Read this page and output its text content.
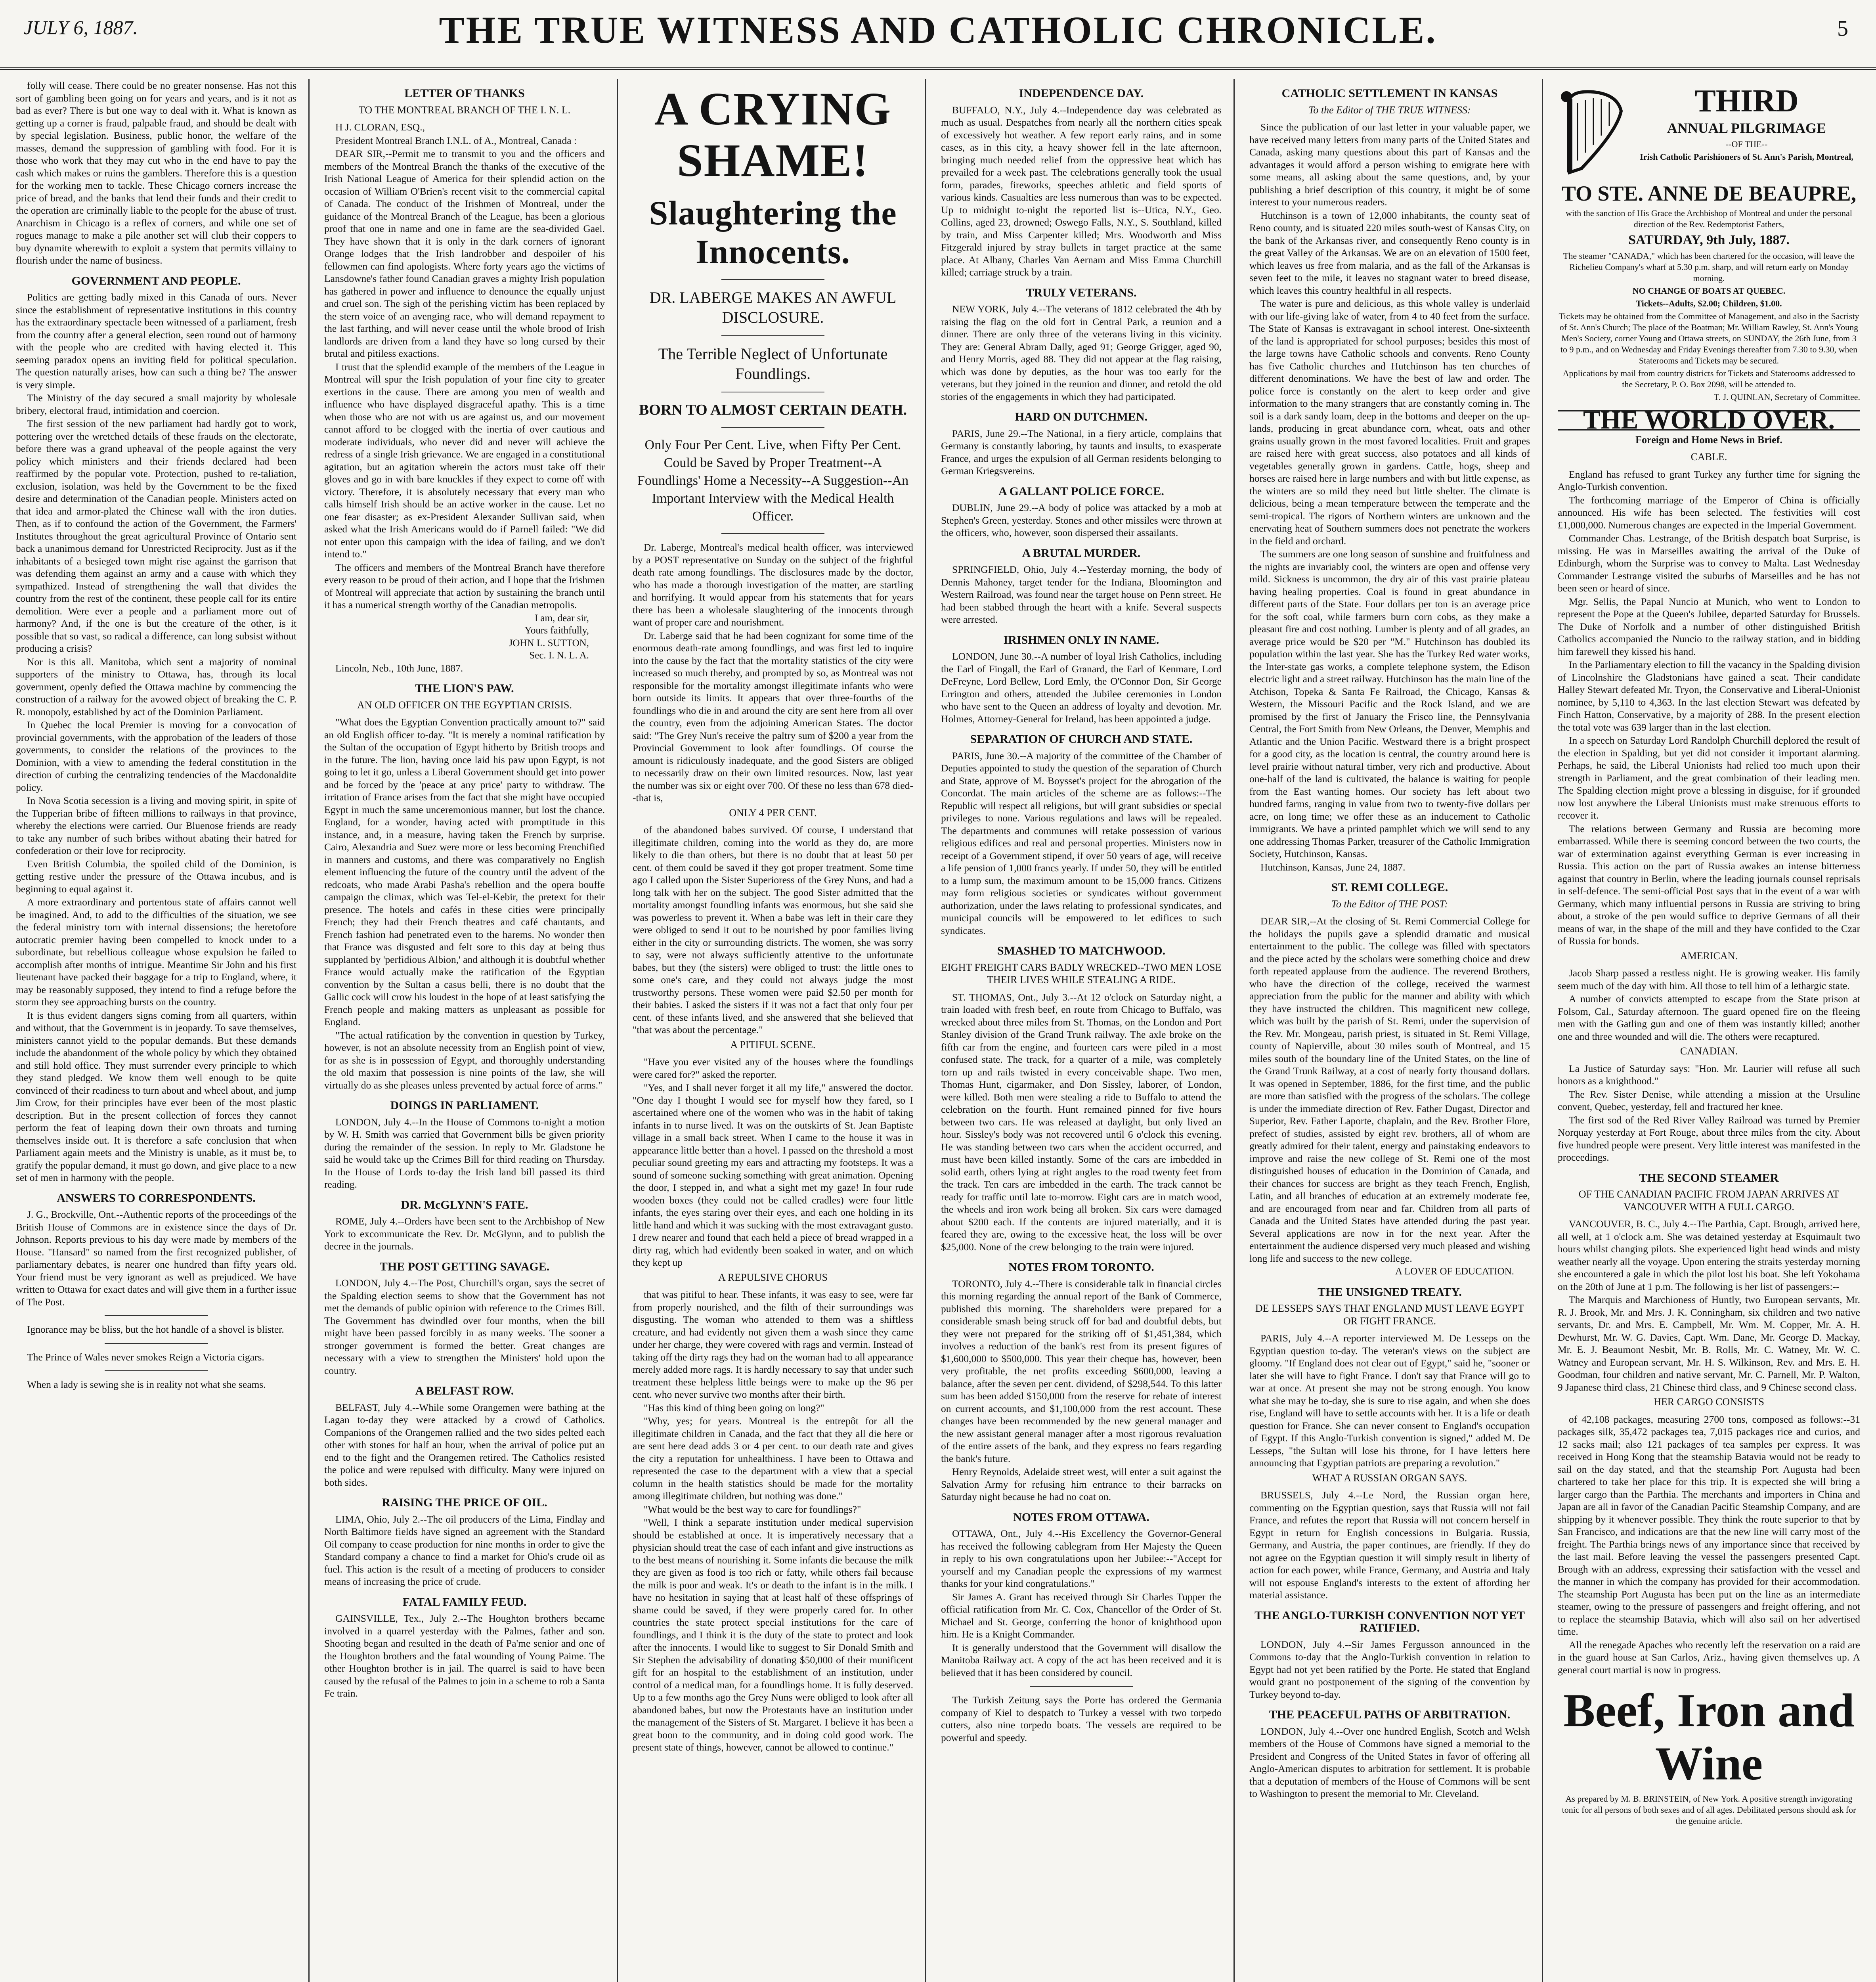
JULY 6, 1887.	THE TRUE WITNESS AND CATHOLIC CHRONICLE.	5

folly will cease. There could be no greater nonsense. Has not this sort of gambling been going on for years and years, and is it not as bad as ever? There is but one way to deal with it. What is known as getting up a corner is fraud, palpable fraud, and should be dealt with by special legislation. Business, public honor, the welfare of the masses, demand the suppression of gambling with food. For it is those who work that they may cut who in the end have to pay the cash which makes or ruins the gamblers. Therefore this is a question for the working men to tackle. These Chicago corners increase the price of bread, and the banks that lend their funds and their credit to the operation are criminally liable to the people for the abuse of trust. Anarchism in Chicago is a reflex of corners, and while one set of rogues manage to make a pile another set will club their coppers to buy dynamite wherewith to exploit a system that permits villainy to flourish under the name of business.

GOVERNMENT AND PEOPLE.

Politics are getting badly mixed in this Canada of ours. Never since the establishment of representative institutions in this country has the extraordinary spectacle been witnessed of a parliament, fresh from the country after a general election, seen round out of harmony with the people who are credited with having elected it. This seeming paradox opens an inviting field for political speculation. The question naturally arises, how can such a thing be? The answer is very simple.

The Ministry of the day secured a small majority by wholesale bribery, electoral fraud, intimidation and coercion.

The first session of the new parliament had hardly got to work, pottering over the wretched details of these frauds on the electorate, before there was a grand upheaval of the people against the very policy which ministers and their friends declared had been reaffirmed by the popular vote. Protection, pushed to re-taliation, exclusion, isolation, was held by the Government to be the fixed desire and determination of the Canadian people. Ministers acted on that idea and armor-plated the Chinese wall with the iron duties. Then, as if to confound the action of the Government, the Farmers' Institutes throughout the great agricultural Province of Ontario sent back a unanimous demand for Unrestricted Reciprocity. Just as if the inhabitants of a besieged town might rise against the garrison that was defending them against an army and a cause with which they sympathized. Instead of strengthening the wall that divides the country from the rest of the continent, these people call for its entire demolition. Were ever a people and a parliament more out of harmony? And, if the one is but the creature of the other, is it possible that so vast, so radical a difference, can long subsist without producing a crisis?

Nor is this all. Manitoba, which sent a majority of nominal supporters of the ministry to Ottawa, has, through its local government, openly defied the Ottawa machine by commencing the construction of a railway for the avowed object of breaking the C. P. R. monopoly, established by act of the Dominion Parliament.

In Quebec the local Premier is moving for a convocation of provincial governments, with the approbation of the leaders of those governments, to consider the relations of the provinces to the Dominion, with a view to amending the federal constitution in the direction of curbing the centralizing tendencies of the Macdonaldite policy.

In Nova Scotia secession is a living and moving spirit, in spite of the Tupperian bribe of fifteen millions to railways in that province, whereby the elections were carried. Our Bluenose friends are ready to take any number of such bribes without abating their hatred for confederation or their love for reciprocity.

Even British Columbia, the spoiled child of the Dominion, is getting restive under the pressure of the Ottawa incubus, and is beginning to equal against it.

A more extraordinary and portentous state of affairs cannot well be imagined. And, to add to the difficulties of the situation, we see the federal ministry torn with internal dissensions; the heretofore autocratic premier having been compelled to knock under to a subordinate, but rebellious colleague whose expulsion he failed to accomplish after months of intrigue. Meantime Sir John and his first lieutenant have packed their baggage for a trip to England, where, it may be reasonably supposed, they intend to find a refuge before the storm they see approaching bursts on the country.

It is thus evident dangers signs coming from all quarters, within and without, that the Government is in jeopardy. To save themselves, ministers cannot yield to the popular demands. But these demands include the abandonment of the whole policy by which they obtained and still hold office. They must surrender every principle to which they stand pledged. We know them well enough to be quite convinced of their readiness to turn about and wheel about, and jump Jim Crow, for their principles have ever been of the most plastic description. But in the present collection of forces they cannot perform the feat of leaping down their own throats and turning themselves inside out. It is therefore a safe conclusion that when Parliament again meets and the Ministry is unable, as it must be, to gratify the popular demand, it must go down, and give place to a new set of men in harmony with the people.

ANSWERS TO CORRESPONDENTS.

J. G., Brockville, Ont.--Authentic reports of the proceedings of the British House of Commons are in existence since the days of Dr. Johnson. Reports previous to his day were made by members of the House. "Hansard" so named from the first recognized publisher, of parliamentary debates, is nearer one hundred than fifty years old. Your friend must be very ignorant as well as prejudiced. We have written to Ottawa for exact dates and will give them in a further issue of The Post.

Ignorance may be bliss, but the hot handle of a shovel is blister.

The Prince of Wales never smokes Reign a Victoria cigars.

When a lady is sewing she is in reality not what she seams.

LETTER OF THANKS
TO THE MONTREAL BRANCH OF THE I. N. L.

H J. CLORAN, ESQ.,

President Montreal Branch I.N.L. of A., Montreal, Canada :

DEAR SIR,--Permit me to transmit to you and the officers and members of the Montreal Branch the thanks of the executive of the Irish National League of America for their splendid action on the occasion of William O'Brien's recent visit to the commercial capital of Canada. The conduct of the Irishmen of Montreal, under the guidance of the Montreal Branch of the League, has been a glorious proof that one in name and one in fame are the sea-divided Gael. They have shown that it is only in the dark corners of ignorant Orange lodges that the Irish landrobber and despoiler of his fellowmen can find apologists. Where forty years ago the victims of Lansdowne's father found Canadian graves a mighty Irish population has gathered in power and influence to denounce the equally unjust and cruel son. The sigh of the perishing victim has been replaced by the stern voice of an avenging race, who will demand repayment to the last farthing, and will never cease until the whole brood of Irish landlords are driven from a land they have so long cursed by their brutal and pitiless exactions.

I trust that the splendid example of the members of the League in Montreal will spur the Irish population of your fine city to greater exertions in the cause. There are among you men of wealth and influence who have displayed disgraceful apathy. This is a time when those who are not with us are against us, and our movement cannot afford to be clogged with the inertia of over cautious and moderate individuals, who never did and never will achieve the redress of a single Irish grievance. We are engaged in a constitutional agitation, but an agitation wherein the actors must take off their gloves and go in with bare knuckles if they expect to come off with victory. Therefore, it is absolutely necessary that every man who calls himself Irish should be an active worker in the cause. Let no one fear disaster; as ex-President Alexander Sullivan said, when asked what the Irish Americans would do if Parnell failed: "We did not enter upon this campaign with the idea of failing, and we don't intend to."

The officers and members of the Montreal Branch have therefore every reason to be proud of their action, and I hope that the Irishmen of Montreal will appreciate that action by sustaining the branch until it has a numerical strength worthy of the Canadian metropolis.

I am, dear sir,
Yours faithfully,
JOHN L. SUTTON,
Sec. I. N. L. A.

Lincoln, Neb., 10th June, 1887.

THE LION'S PAW.
AN OLD OFFICER ON THE EGYPTIAN CRISIS.

"What does the Egyptian Convention practically amount to?" said an old English officer to-day. "It is merely a nominal ratification by the Sultan of the occupation of Egypt hitherto by British troops and in the future. The lion, having once laid his paw upon Egypt, is not going to let it go, unless a Liberal Government should get into power and be forced by the 'peace at any price' party to withdraw. The irritation of France arises from the fact that she might have occupied Egypt in much the same unceremonious manner, but lost the chance. England, for a wonder, having acted with promptitude in this instance, and, in a measure, having taken the French by surprise. Cairo, Alexandria and Suez were more or less becoming Frenchified in manners and customs, and there was comparatively no English element influencing the future of the country until the advent of the redcoats, who made Arabi Pasha's rebellion and the opera bouffe campaign the climax, which was Tel-el-Kebir, the pretext for their presence. The hotels and cafés in these cities were principally French; they had their French theatres and café chantants, and French fashion had penetrated even to the harems. No wonder then that France was disgusted and felt sore to this day at being thus supplanted by 'perfidious Albion,' and although it is doubtful whether France would actually make the ratification of the Egyptian convention by the Sultan a casus belli, there is no doubt that the Gallic cock will crow his loudest in the hope of at least satisfying the French people and making matters as unpleasant as possible for England.

"The actual ratification by the convention in question by Turkey, however, is not an absolute necessity from an English point of view, for as she is in possession of Egypt, and thoroughly understanding the old maxim that possession is nine points of the law, she will virtually do as she pleases unless prevented by actual force of arms."

DOINGS IN PARLIAMENT.

LONDON, July 4.--In the House of Commons to-night a motion by W. H. Smith was carried that Government bills be given priority during the remainder of the session. In reply to Mr. Gladstone he said he would take up the Crimes Bill for third reading on Thursday. In the House of Lords to-day the Irish land bill passed its third reading.

DR. McGLYNN'S FATE.

ROME, July 4.--Orders have been sent to the Archbishop of New York to excommunicate the Rev. Dr. McGlynn, and to publish the decree in the journals.

THE POST GETTING SAVAGE.

LONDON, July 4.--The Post, Churchill's organ, says the secret of the Spalding election seems to show that the Government has not met the demands of public opinion with reference to the Crimes Bill. The Government has dwindled over four months, when the bill might have been passed forcibly in as many weeks. The sooner a stronger government is formed the better. Great changes are necessary with a view to strengthen the Ministers' hold upon the country.

A BELFAST ROW.

BELFAST, July 4.--While some Orangemen were bathing at the Lagan to-day they were attacked by a crowd of Catholics. Companions of the Orangemen rallied and the two sides pelted each other with stones for half an hour, when the arrival of police put an end to the fight and the Orangemen retired. The Catholics resisted the police and were repulsed with difficulty. Many were injured on both sides.

RAISING THE PRICE OF OIL.

LIMA, Ohio, July 2.--The oil producers of the Lima, Findlay and North Baltimore fields have signed an agreement with the Standard Oil company to cease production for nine months in order to give the Standard company a chance to find a market for Ohio's crude oil as fuel. This action is the result of a meeting of producers to consider means of increasing the price of crude.

FATAL FAMILY FEUD.

GAINSVILLE, Tex., July 2.--The Houghton brothers became involved in a quarrel yesterday with the Palmes, father and son. Shooting began and resulted in the death of Pa'me senior and one of the Houghton brothers and the fatal wounding of Young Paime. The other Houghton brother is in jail. The quarrel is said to have been caused by the refusal of the Palmes to join in a scheme to rob a Santa Fe train.

A CRYING SHAME!
Slaughtering the Innocents.
DR. LABERGE MAKES AN AWFUL DISCLOSURE.
The Terrible Neglect of Unfortunate Foundlings.
BORN TO ALMOST CERTAIN DEATH.
Only Four Per Cent. Live, when Fifty Per Cent. Could be Saved by Proper Treatment--A Foundlings' Home a Necessity--A Suggestion--An Important Interview with the Medical Health Officer.

Dr. Laberge, Montreal's medical health officer, was interviewed by a POST representative on Sunday on the subject of the frightful death rate among foundlings. The disclosures made by the doctor, who has made a thorough investigation of the matter, are startling and horrifying. It would appear from his statements that for years there has been a wholesale slaughtering of the innocents through want of proper care and nourishment.

Dr. Laberge said that he had been cognizant for some time of the enormous death-rate among foundlings, and was first led to inquire into the cause by the fact that the mortality statistics of the city were increased so much thereby, and prompted by so, as Montreal was not responsible for the mortality amongst illegitimate infants who were born outside its limits. It appears that over three-fourths of the foundlings who die in and around the city are sent here from all over the country, even from the adjoining American States. The doctor said: "The Grey Nun's receive the paltry sum of $200 a year from the Provincial Government to look after foundlings. Of course the amount is ridiculously inadequate, and the good Sisters are obliged to necessarily draw on their own limited resources. Now, last year the number was six or eight over 700. Of these no less than 678 died--that is,

ONLY 4 PER CENT.

of the abandoned babes survived. Of course, I understand that illegitimate children, coming into the world as they do, are more likely to die than others, but there is no doubt that at least 50 per cent. of them could be saved if they got proper treatment. Some time ago I called upon the Sister Superioress of the Grey Nuns, and had a long talk with her on the subject. The good Sister admitted that the mortality amongst foundling infants was enormous, but she said she was powerless to prevent it. When a babe was left in their care they were obliged to send it out to be nourished by poor families living either in the city or surrounding districts. The women, she was sorry to say, were not always sufficiently attentive to the unfortunate babes, but they (the sisters) were obliged to trust: the little ones to some one's care, and they could not always judge the most trustworthy persons. These women were paid $2.50 per month for their babies. I asked the sisters if it was not a fact that only four per cent. of these infants lived, and she answered that she believed that "that was about the percentage."

A PITIFUL SCENE.

"Have you ever visited any of the houses where the foundlings were cared for?" asked the reporter.

"Yes, and I shall never forget it all my life," answered the doctor. "One day I thought I would see for myself how they fared, so I ascertained where one of the women who was in the habit of taking infants in to nurse lived. It was on the outskirts of St. Jean Baptiste village in a small back street. When I came to the house it was in appearance little better than a hovel. I passed on the threshold a most peculiar sound greeting my ears and attracting my footsteps. It was a sound of someone sucking something with great animation. Opening the door, I stepped in, and what a sight met my gaze! In four rude wooden boxes (they could not be called cradles) were four little infants, the eyes staring over their eyes, and each one holding in its little hand and which it was sucking with the most extravagant gusto. I drew nearer and found that each held a piece of bread wrapped in a dirty rag, which had evidently been soaked in water, and on which they kept up

A REPULSIVE CHORUS

that was pitiful to hear. These infants, it was easy to see, were far from properly nourished, and the filth of their surroundings was disgusting. The woman who attended to them was a shiftless creature, and had evidently not given them a wash since they came under her charge, they were covered with rags and vermin. Instead of taking off the dirty rags they had on the woman had to all appearance merely added more rags. It is hardly necessary to say that under such treatment these helpless little beings were to make up the 96 per cent. who never survive two months after their birth.

"Has this kind of thing been going on long?"

"Why, yes; for years. Montreal is the entrepôt for all the illegitimate children in Canada, and the fact that they all die here or are sent here dead adds 3 or 4 per cent. to our death rate and gives the city a reputation for unhealthiness. I have been to Ottawa and represented the case to the department with a view that a special column in the health statistics should be made for the mortality among illegitimate children, but nothing was done."

"What would be the best way to care for foundlings?"

"Well, I think a separate institution under medical supervision should be established at once. It is imperatively necessary that a physician should treat the case of each infant and give instructions as to the best means of nourishing it. Some infants die because the milk they are given as food is too rich or fatty, while others fail because the milk is poor and weak. It's or death to the infant is in the milk. I have no hesitation in saying that at least half of these offsprings of shame could be saved, if they were properly cared for. In other countries the state protect special institutions for the care of foundlings, and I think it is the duty of the state to protect and look after the innocents. I would like to suggest to Sir Donald Smith and Sir Stephen the advisability of donating $50,000 of their munificent gift for an hospital to the establishment of an institution, under control of a medical man, for a foundlings home. It is fully deserved. Up to a few months ago the Grey Nuns were obliged to look after all abandoned babes, but now the Protestants have an institution under the management of the Sisters of St. Margaret. I believe it has been a great boon to the community, and in doing cold good work. The present state of things, however, cannot be allowed to continue."

INDEPENDENCE DAY.

BUFFALO, N.Y., July 4.--Independence day was celebrated as much as usual. Despatches from nearly all the northern cities speak of excessively hot weather. A few report early rains, and in some cases, as in this city, a heavy shower fell in the late afternoon, bringing much needed relief from the oppressive heat which has prevailed for a week past. The celebrations generally took the usual form, parades, fireworks, speeches athletic and field sports of various kinds. Casualties are less numerous than was to be expected. Up to midnight to-night the reported list is--Utica, N.Y., Geo. Collins, aged 23, drowned; Oswego Falls, N.Y., S. Southland, killed by train, and Miss Carpenter killed; Mrs. Woodworth and Miss Fitzgerald injured by stray bullets in target practice at the same place. At Albany, Charles Van Aernam and Miss Emma Churchill killed; carriage struck by a train.

TRULY VETERANS.

NEW YORK, July 4.--The veterans of 1812 celebrated the 4th by raising the flag on the old fort in Central Park, a reunion and a dinner. There are only three of the veterans living in this vicinity. They are: General Abram Dally, aged 91; George Grigger, aged 90, and Henry Morris, aged 88. They did not appear at the flag raising, which was done by deputies, as the hour was too early for the veterans, but they joined in the reunion and dinner, and retold the old stories of the engagements in which they had participated.

HARD ON DUTCHMEN.

PARIS, June 29.--The National, in a fiery article, complains that Germany is constantly laboring, by taunts and insults, to exasperate France, and urges the expulsion of all German residents belonging to German Kriegsvereins.

A GALLANT POLICE FORCE.

DUBLIN, June 29.--A body of police was attacked by a mob at Stephen's Green, yesterday. Stones and other missiles were thrown at the officers, who, however, soon dispersed their assailants.

A BRUTAL MURDER.

SPRINGFIELD, Ohio, July 4.--Yesterday morning, the body of Dennis Mahoney, target tender for the Indiana, Bloomington and Western Railroad, was found near the target house on Penn street. He had been stabbed through the heart with a knife. Several suspects were arrested.

IRISHMEN ONLY IN NAME.

LONDON, June 30.--A number of loyal Irish Catholics, including the Earl of Fingall, the Earl of Granard, the Earl of Kenmare, Lord DeFreyne, Lord Bellew, Lord Emly, the O'Connor Don, Sir George Errington and others, attended the Jubilee ceremonies in London who have sent to the Queen an address of loyalty and devotion. Mr. Holmes, Attorney-General for Ireland, has been appointed a judge.

SEPARATION OF CHURCH AND STATE.

PARIS, June 30.--A majority of the committee of the Chamber of Deputies appointed to study the question of the separation of Church and State, approve of M. Boysset's project for the abrogation of the Concordat. The main articles of the scheme are as follows:--The Republic will respect all religions, but will grant subsidies or special privileges to none. Various regulations and laws will be repealed. The departments and communes will retake possession of various religious edifices and real and personal properties. Ministers now in receipt of a Government stipend, if over 50 years of age, will receive a life pension of 1,000 francs yearly. If under 50, they will be entitled to a lump sum, the maximum amount to be 15,000 francs. Citizens may form religious societies or syndicates without government authorization, under the laws relating to professional syndicates, and municipal councils will be empowered to let edifices to such syndicates.

SMASHED TO MATCHWOOD.
EIGHT FREIGHT CARS BADLY WRECKED--TWO MEN LOSE THEIR LIVES WHILE STEALING A RIDE.

ST. THOMAS, Ont., July 3.--At 12 o'clock on Saturday night, a train loaded with fresh beef, en route from Chicago to Buffalo, was wrecked about three miles from St. Thomas, on the London and Port Stanley division of the Grand Trunk railway. The axle broke on the fifth car from the engine, and fourteen cars were piled in a most confused state. The track, for a quarter of a mile, was completely torn up and rails twisted in every conceivable shape. Two men, Thomas Hunt, cigarmaker, and Don Sissley, laborer, of London, were killed. Both men were stealing a ride to Buffalo to attend the celebration on the fourth. Hunt remained pinned for five hours between two cars. He was released at daylight, but only lived an hour. Sissley's body was not recovered until 6 o'clock this evening. He was standing between two cars when the accident occurred, and must have been killed instantly. Some of the cars are imbedded in solid earth, others lying at right angles to the road twenty feet from the track. Ten cars are imbedded in the earth. The track cannot be ready for traffic until late to-morrow. Eight cars are in match wood, the wheels and iron work being all broken. Six cars were damaged about $200 each. If the contents are injured materially, and it is feared they are, owing to the excessive heat, the loss will be over $25,000. None of the crew belonging to the train were injured.

NOTES FROM TORONTO.

TORONTO, July 4.--There is considerable talk in financial circles this morning regarding the annual report of the Bank of Commerce, published this morning. The shareholders were prepared for a considerable smash being struck off for bad and doubtful debts, but they were not prepared for the striking off of $1,451,384, which involves a reduction of the bank's rest from its present figures of $1,600,000 to $500,000. This year their cheque has, however, been very profitable, the net profits exceeding $600,000, leaving a balance, after the seven per cent. dividend, of $298,544. To this latter sum has been added $150,000 from the reserve for rebate of interest on current accounts, and $1,100,000 from the rest account. These changes have been recommended by the new general manager and the new assistant general manager after a most rigorous revaluation of the entire assets of the bank, and they express no fears regarding the bank's future.

Henry Reynolds, Adelaide street west, will enter a suit against the Salvation Army for refusing him entrance to their barracks on Saturday night because he had no coat on.

NOTES FROM OTTAWA.

OTTAWA, Ont., July 4.--His Excellency the Governor-General has received the following cablegram from Her Majesty the Queen in reply to his own congratulations upon her Jubilee:--"Accept for yourself and my Canadian people the expressions of my warmest thanks for your kind congratulations."

Sir James A. Grant has received through Sir Charles Tupper the official ratification from Mr. C. Cox, Chancellor of the Order of St. Michael and St. George, conferring the honor of knighthood upon him. He is a Knight Commander.

It is generally understood that the Government will disallow the Manitoba Railway act. A copy of the act has been received and it is believed that it has been considered by council.

The Turkish Zeitung says the Porte has ordered the Germania company of Kiel to despatch to Turkey a vessel with two torpedo cutters, also nine torpedo boats. The vessels are required to be powerful and speedy.

CATHOLIC SETTLEMENT IN KANSAS
To the Editor of THE TRUE WITNESS:

Since the publication of our last letter in your valuable paper, we have received many letters from many parts of the United States and Canada, asking many questions about this part of Kansas and the advantages it would afford a person wishing to emigrate here with some means, all asking about the same questions, and, by your publishing a brief description of this country, it might be of some interest to your numerous readers.

Hutchinson is a town of 12,000 inhabitants, the county seat of Reno county, and is situated 220 miles south-west of Kansas City, on the bank of the Arkansas river, and consequently Reno county is in the great Valley of the Arkansas. We are on an elevation of 1500 feet, which leaves us free from malaria, and as the fall of the Arkansas is seven feet to the mile, it leaves no stagnant water to breed disease, which leaves this country healthful in all respects.

The water is pure and delicious, as this whole valley is underlaid with our life-giving lake of water, from 4 to 40 feet from the surface. The State of Kansas is extravagant in school interest. One-sixteenth of the land is appropriated for school purposes; besides this most of the large towns have Catholic schools and convents. Reno County has five Catholic churches and Hutchinson has ten churches of different denominations. We have the best of law and order. The police force is constantly on the alert to keep order and give information to the many strangers that are constantly coming in. The soil is a dark sandy loam, deep in the bottoms and deeper on the up-lands, producing in great abundance corn, wheat, oats and other grains usually grown in the most favored localities. Fruit and grapes are raised here with great success, also potatoes and all kinds of vegetables generally grown in gardens. Cattle, hogs, sheep and horses are raised here in large numbers and with but little expense, as the winters are so mild they need but little shelter. The climate is delicious, being a mean temperature between the temperate and the semi-tropical. The rigors of Northern winters are unknown and the enervating heat of Southern summers does not penetrate the workers in the field and orchard.

The summers are one long season of sunshine and fruitfulness and the nights are invariably cool, the winters are open and offense very mild. Sickness is uncommon, the dry air of this vast prairie plateau having healing properties. Coal is found in great abundance in different parts of the State. Four dollars per ton is an average price for the soft coal, while farmers burn corn cobs, as they make a pleasant fire and cost nothing. Lumber is plenty and of all grades, an average price would be $20 per "M." Hutchinson has doubled its population within the last year. She has the Turkey Red water works, the Inter-state gas works, a complete telephone system, the Edison electric light and a street railway. Hutchinson has the main line of the Atchison, Topeka & Santa Fe Railroad, the Chicago, Kansas & Western, the Missouri Pacific and the Rock Island, and we are promised by the first of January the Frisco line, the Pennsylvania Central, the Fort Smith from New Orleans, the Denver, Memphis and Atlantic and the Union Pacific. Westward there is a bright prospect for a good city, as the location is central, the country around here is level prairie without natural timber, very rich and productive. About one-half of the land is cultivated, the balance is waiting for people from the East wanting homes. Our society has left about two hundred farms, ranging in value from two to twenty-five dollars per acre, on long time; we offer these as an inducement to Catholic immigrants. We have a printed pamphlet which we will send to any one addressing Thomas Parker, treasurer of the Catholic Immigration Society, Hutchinson, Kansas.

Hutchinson, Kansas, June 24, 1887.

ST. REMI COLLEGE.
To the Editor of THE POST:

DEAR SIR,--At the closing of St. Remi Commercial College for the holidays the pupils gave a splendid dramatic and musical entertainment to the public. The college was filled with spectators and the piece acted by the scholars were something choice and drew forth repeated applause from the audience. The reverend Brothers, who have the direction of the college, received the warmest appreciation from the public for the manner and ability with which they have instructed the children. This magnificent new college, which was built by the parish of St. Remi, under the supervision of the Rev. Mr. Mongeau, parish priest, is situated in St. Remi Village, county of Napierville, about 30 miles south of Montreal, and 15 miles south of the boundary line of the United States, on the line of the Grand Trunk Railway, at a cost of nearly forty thousand dollars. It was opened in September, 1886, for the first time, and the public are more than satisfied with the progress of the scholars. The college is under the immediate direction of Rev. Father Dugast, Director and Superior, Rev. Father Laporte, chaplain, and the Rev. Brother Flore, prefect of studies, assisted by eight rev. brothers, all of whom are greatly admired for their talent, energy and painstaking endeavors to improve and raise the new college of St. Remi one of the most distinguished houses of education in the Dominion of Canada, and their chances for success are bright as they teach French, English, Latin, and all branches of education at an extremely moderate fee, and are encouraged from near and far. Children from all parts of Canada and the United States have attended during the past year. Several applications are now in for the next year. After the entertainment the audience dispersed very much pleased and wishing long life and success to the new college.

A LOVER OF EDUCATION.
THE UNSIGNED TREATY.
DE LESSEPS SAYS THAT ENGLAND MUST LEAVE EGYPT OR FIGHT FRANCE.

PARIS, July 4.--A reporter interviewed M. De Lesseps on the Egyptian question to-day. The veteran's views on the subject are gloomy. "If England does not clear out of Egypt," said he, "sooner or later she will have to fight France. I don't say that France will go to war at once. At present she may not be strong enough. You know what she may be to-day, she is sure to rise again, and when she does rise, England will have to settle accounts with her. It is a life or death question for France. She can never consent to England's occupation of Egypt. If this Anglo-Turkish convention is signed," added M. De Lesseps, "the Sultan will lose his throne, for I have letters here announcing that Egyptian patriots are preparing a revolution."

WHAT A RUSSIAN ORGAN SAYS.

BRUSSELS, July 4.--Le Nord, the Russian organ here, commenting on the Egyptian question, says that Russia will not fail France, and refutes the report that Russia will not concern herself in Egypt in return for English concessions in Bulgaria. Russia, Germany, and Austria, the paper continues, are friendly. If they do not agree on the Egyptian question it will simply result in liberty of action for each power, while France, Germany, and Austria and Italy will not espouse England's interests to the extent of affording her material assistance.

THE ANGLO-TURKISH CONVENTION NOT YET RATIFIED.

LONDON, July 4.--Sir James Fergusson announced in the Commons to-day that the Anglo-Turkish convention in relation to Egypt had not yet been ratified by the Porte. He stated that England would grant no postponement of the signing of the convention by Turkey beyond to-day.

THE PEACEFUL PATHS OF ARBITRATION.

LONDON, July 4.--Over one hundred English, Scotch and Welsh members of the House of Commons have signed a memorial to the President and Congress of the United States in favor of offering all Anglo-American disputes to arbitration for settlement. It is probable that a deputation of members of the House of Commons will be sent to Washington to present the memorial to Mr. Cleveland.

THIRD
ANNUAL PILGRIMAGE
--OF THE--
Irish Catholic Parishioners of St. Ann's Parish, Montreal,
TO STE. ANNE DE BEAUPRE,
with the sanction of His Grace the Archbishop of Montreal and under the personal direction of the Rev. Redemptorist Fathers,
SATURDAY, 9th July, 1887.
The steamer "CANADA," which has been chartered for the occasion, will leave the Richelieu Company's wharf at 5.30 p.m. sharp, and will return early on Monday morning.
NO CHANGE OF BOATS AT QUEBEC.
Tickets--Adults, $2.00; Children, $1.00.
Tickets may be obtained from the Committee of Management, and also in the Sacristy of St. Ann's Church; The place of the Boatman; Mr. William Rawley, St. Ann's Young Men's Society, corner Young and Ottawa streets, on SUNDAY, the 26th June, from 3 to 9 p.m., and on Wednesday and Friday Evenings thereafter from 7.30 to 9.30, when Staterooms and Tickets may be secured.
Applications by mail from country districts for Tickets and Staterooms addressed to the Secretary, P. O. Box 2098, will be attended to.
T. J. QUINLAN, Secretary of Committee.
THE WORLD OVER.
Foreign and Home News in Brief.
CABLE.

England has refused to grant Turkey any further time for signing the Anglo-Turkish convention.

The forthcoming marriage of the Emperor of China is officially announced. His wife has been selected. The festivities will cost £1,000,000. Numerous changes are expected in the Imperial Government.

Commander Chas. Lestrange, of the British despatch boat Surprise, is missing. He was in Marseilles awaiting the arrival of the Duke of Edinburgh, whom the Surprise was to convey to Malta. Last Wednesday Commander Lestrange visited the suburbs of Marseilles and he has not been seen or heard of since.

Mgr. Sellis, the Papal Nuncio at Munich, who went to London to represent the Pope at the Queen's Jubilee, departed Saturday for Brussels. The Duke of Norfolk and a number of other distinguished British Catholics accompanied the Nuncio to the railway station, and in bidding him farewell they kissed his hand.

In the Parliamentary election to fill the vacancy in the Spalding division of Lincolnshire the Gladstonians have gained a seat. Their candidate Halley Stewart defeated Mr. Tryon, the Conservative and Liberal-Unionist nominee, by 5,110 to 4,363. In the last election Stewart was defeated by Finch Hatton, Conservative, by a majority of 288. In the present election the total vote was 639 larger than in the last election.

In a speech on Saturday Lord Randolph Churchill deplored the result of the election in Spalding, but yet did not consider it important alarming. Perhaps, he said, the Liberal Unionists had relied too much upon their strength in Parliament, and the great combination of their leading men. The Spalding election might prove a blessing in disguise, for if grounded now lost anywhere the Liberal Unionists must make strenuous efforts to recover it.

The relations between Germany and Russia are becoming more embarrassed. While there is seeming concord between the two courts, the war of extermination against everything German is ever increasing in Russia. This action on the part of Russia awakes an intense bitterness against that country in Berlin, where the leading journals counsel reprisals in self-defence. The semi-official Post says that in the event of a war with Germany, which many influential persons in Russia are striving to bring about, a stroke of the pen would suffice to deprive Germans of all their means of war, in the shape of the mill and they have confided to the Czar of Russia for bonds.

AMERICAN.

Jacob Sharp passed a restless night. He is growing weaker. His family seem much of the day with him. All those to tell him of a lethargic state.

A number of convicts attempted to escape from the State prison at Folsom, Cal., Saturday afternoon. The guard opened fire on the fleeing men with the Gatling gun and one of them was instantly killed; another one and three wounded and will die. The others were recaptured.

CANADIAN.

La Justice of Saturday says: "Hon. Mr. Laurier will refuse all such honors as a knighthood."

The Rev. Sister Denise, while attending a mission at the Ursuline convent, Quebec, yesterday, fell and fractured her knee.

The first sod of the Red River Valley Railroad was turned by Premier Norquay yesterday at Fort Rouge, about three miles from the city. About five hundred people were present. Very little interest was manifested in the proceedings.

THE SECOND STEAMER
OF THE CANADIAN PACIFIC FROM JAPAN ARRIVES AT VANCOUVER WITH A FULL CARGO.

VANCOUVER, B. C., July 4.--The Parthia, Capt. Brough, arrived here, all well, at 1 o'clock a.m. She was detained yesterday at Esquimault two hours whilst changing pilots. She experienced light head winds and misty weather nearly all the voyage. Upon entering the straits yesterday morning she encountered a gale in which the pilot lost his boat. She left Yokohama on the 20th of June at 1 p.m. The following is her list of passengers:--

The Marquis and Marchioness of Huntly, two European servants, Mr. R. J. Brook, Mr. and Mrs. J. K. Conningham, six children and two native servants, Dr. and Mrs. E. Campbell, Mr. Wm. M. Copper, Mr. A. H. Dewhurst, Mr. W. G. Davies, Capt. Wm. Dane, Mr. George D. Mackay, Mr. E. J. Beaumont Nesbit, Mr. B. Rolls, Mr. C. Watney, Mr. W. C. Watney and European servant, Mr. H. S. Wilkinson, Rev. and Mrs. E. H. Goodman, four children and native servant, Mr. C. Parnell, Mr. P. Walton, 9 Japanese third class, 21 Chinese third class, and 9 Chinese second class.

HER CARGO CONSISTS

of 42,108 packages, measuring 2700 tons, composed as follows:--31 packages silk, 35,472 packages tea, 7,015 packages rice and curios, and 12 sacks mail; also 121 packages of tea samples per express. It was received in Hong Kong that the steamship Batavia would not be ready to sail on the day stated, and that the steamship Port Augusta had been chartered to take her place for this trip. It is expected she will bring a larger cargo than the Parthia. The merchants and importers in China and Japan are all in favor of the Canadian Pacific Steamship Company, and are shipping by it whenever possible. They think the route superior to that by San Francisco, and indications are that the new line will carry most of the freight. The Parthia brings news of any importance since that received by the last mail. Before leaving the vessel the passengers presented Capt. Brough with an address, expressing their satisfaction with the vessel and the manner in which the company has provided for their accommodation. The steamship Port Augusta has been put on the line as an intermediate steamer, owing to the pressure of passengers and freight offering, and not to replace the steamship Batavia, which will also sail on her advertised time.

All the renegade Apaches who recently left the reservation on a raid are in the guard house at San Carlos, Ariz., having given themselves up. A general court martial is now in progress.

Beef, Iron and Wine
As prepared by M. B. BRINSTEIN, of New York. A positive strength invigorating tonic for all persons of both sexes and of all ages. Debilitated persons should ask for the genuine article.
